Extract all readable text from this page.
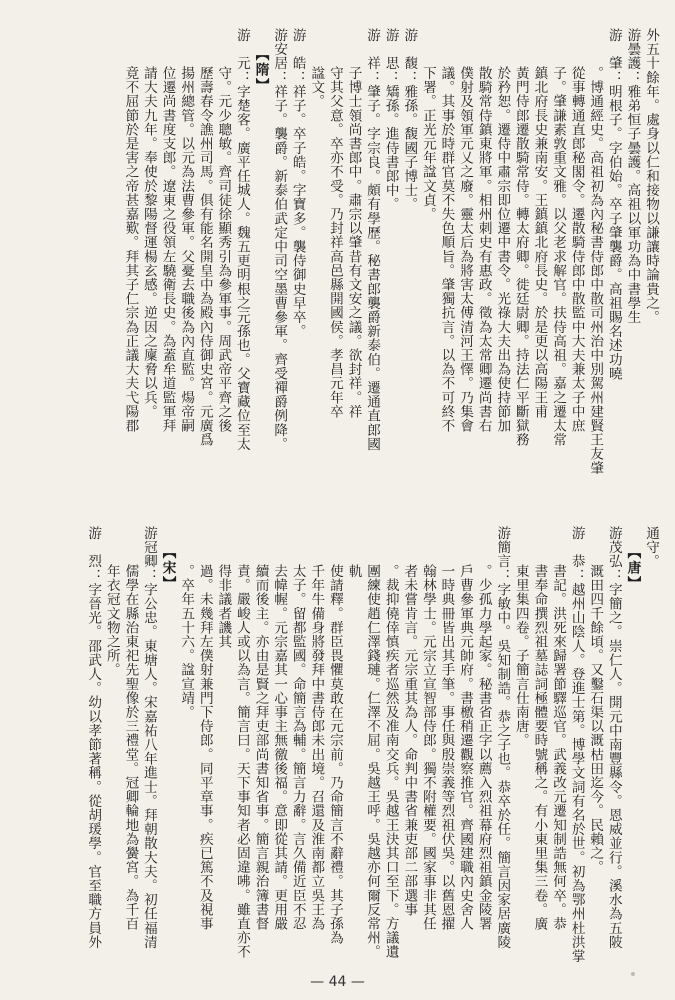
外五十餘年。處身以仁和接物以謙讓時論貴之。

游曇護：雅弟恒子曇護。高祖以軍功為中書學生

游　肇：明根子。字伯始。卒子肇襲爵。高祖賜名述功曉

。博通經史。高祖初為內秘書侍郎中散司州治中別駕州建賢王友肇

從事轉通直郎秘閣令。遷散騎侍郎中散監中大夫兼太子中庶

子。肇謙素敦重文雅。以父老求解官。扶侍高祖。嘉之遷太常

鎮北府長史兼南安。王鎮鎮北府長史。於是更以高陽王甫

黃門侍郎遷散騎常侍。轉太府卿。徙廷尉卿。持法仁平斷獄務

於矜恕。遷侍中肅宗即位遷中書令。光祿大夫出為使持節加

散騎常侍鎮東將軍。相州刺史有惠政。徵為太常卿遷尚書右

僕射及領軍元乂之廢。靈太后為將害太傅清河王懌。乃集會

議。其事於時群官莫不失色順旨。肇獨抗言。以為不可終不

下署。正光元年諡文貞。

游　馥：雅孫。馥國子博士。

游　思：矯孫。進侍書郎中。

游　祥：肇子。字宗良。頗有學歷。秘書郎襲爵新泰伯。遷通直郎國

子博士領尚書郎中。肅宗以肇昔有文安之議。欲封祥。祥

守其父意。卒亦不受。乃封祥高邑縣開國侯。孝昌元年卒

諡文。

游　皓：祥子。卒子皓。字寶多。襲侍御史早卒。

游安居：祥子。襲爵。新泰伯武定中司空墨曹參軍。齊受禪爵例降。

【隋】

游　元：字楚客。廣平任城人。魏五更明根之元孫也。父寶藏位至太

守。元少聰敏。齊司徒徐顯秀引為參軍事。周武帝平齊之後

歷壽春令譙州司馬。俱有能名開皇中為殿內侍御史宮。元廣爲

揚州總管。以元為法曹參軍。父憂去職後為內直監。煬帝嗣

位遷尚書度支郎。遼東之役領左驍衛長史。為蓋牟道監軍拜

請大夫九年。奉使於黎陽督運楊玄感。逆因之廩脅以兵。

竟不屈節於是害之帝甚嘉歎。拜其子仁宗為正議大夫弋陽郡

通守。

【唐】

游茂弘：字簡之。崇仁人。開元中南豐縣令。恩威並行。溪水為五陂

溉田四千餘頃。又鑿石渠以溉枯田迄今。民賴之。

游　恭：越州山陰人。登進士第。博學文詞有名於世。初為鄂州杜洪掌

書記。洪死來歸署節驛巡官。武義改元遷知制誥無何卒。恭

書奉命撰烈祖墓誌詞極體要時號稱之。有小東里集三卷。廣

東里集四卷。子簡言仕南唐。

游簡言：字敏中。吳知制誥。恭之子也。恭卒於任。簡言因家居廣陵

。少孤力學起家。秘書省正字以薦入烈祖幕府烈祖鎮金陵署

戶曹參軍典元帥府。書檄稍遷觀察推官。齊國建職內史舍人

一時典冊皆出其手筆。事任與殷崇義等烈祖伏吳。以舊恩擢

翰林學士。元宗立宣智部侍郎。獨不附權要。國家事非其任

者未嘗肯言。元宗重其為人。命判中書省兼吏部二部選事

。裁抑僥倖慎疾者巡然及准南交兵。吳越王決其口至下。方議遺

團練使趙仁澤錢璉。仁澤不屈。吳越王呼。吳越亦何爾反常州。軌

使請釋。群臣畏懼莫敢在元宗前。乃命簡言不辭禮。其子孫為

千年牛備身將發拜中書侍郎未出境。召還及淮南都立吳王為

太子。留都監國。命簡言為輔。簡言力辭。言久備近臣不忍

去幃幄。元宗嘉其一心事主無徼後福。意即從其請。更用嚴

續而後主。亦由是賢之拜吏部尚書知省事。簡言親治簿書督

責。嚴峻人或以為言。簡言曰。天下事知者必固違咈。雖直亦不得非議者譏其

過。未幾拜左僕射兼門下侍郎。同平章事。疾已篤不及視事

。卒年五十六。諡宣靖。

【宋】

游冠卿：字公忠。東塘人。宋嘉祐八年進士。拜朝散大夫。初任福清

儒學在縣治東祀先聖像於三禮堂。冠卿輪地為黌宮。為千百

年衣冠文物之所。

游　烈：字晉光。邵武人。幼以孝節著稱。從胡瑗學。官至職方員外

— 44 —
